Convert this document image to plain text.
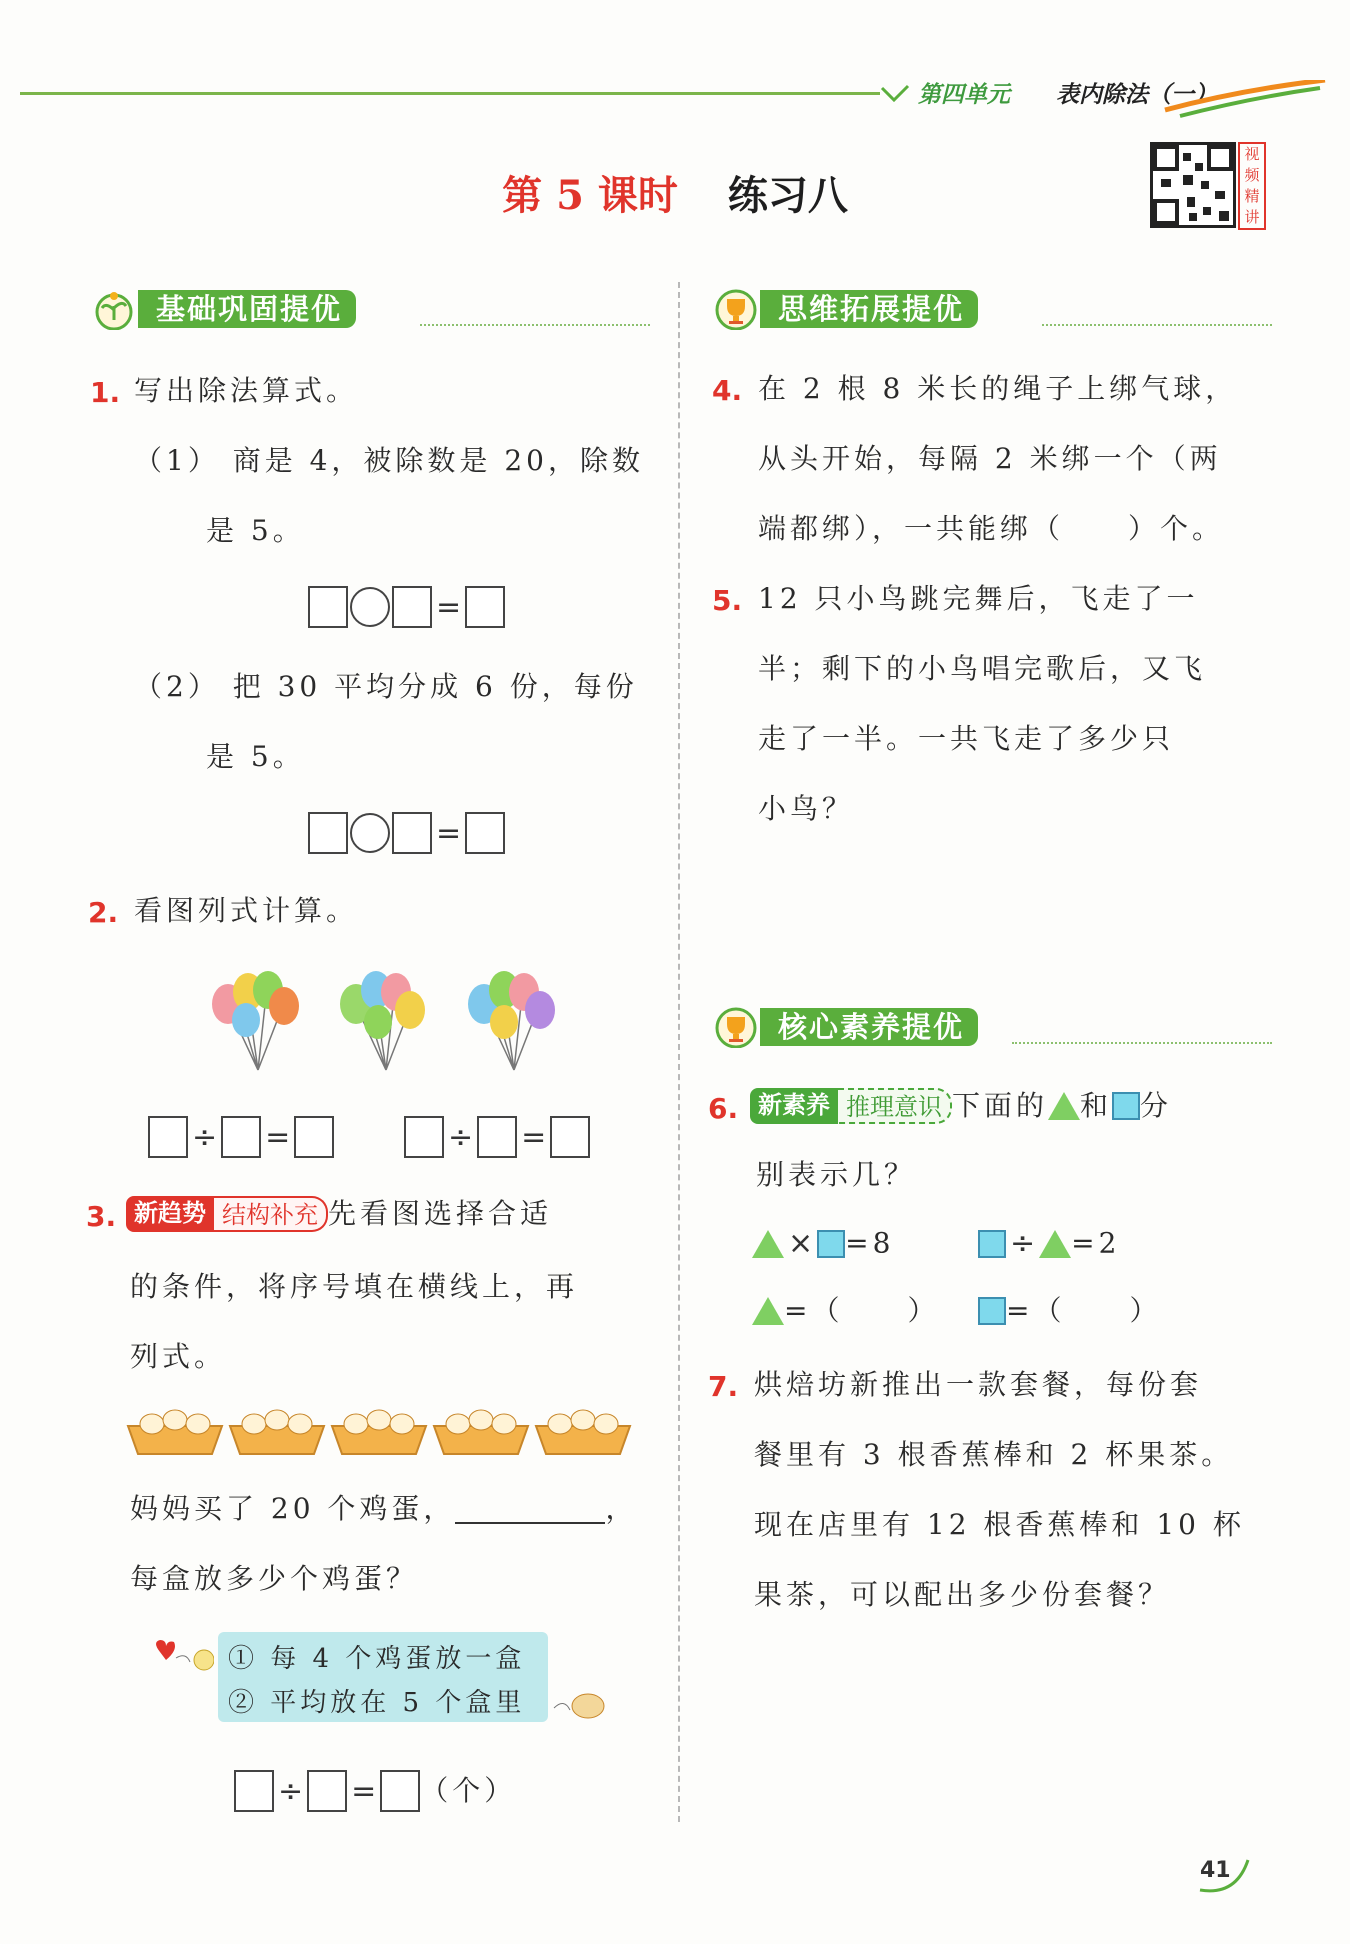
第四单元 表内除法（一）
第 5 课时 练习八
视频精讲
基础巩固提优	思维拓展提优
核心素养提优
1. 写出除法算式。
（1） 商是 4，被除数是 20，除数
是 5。
=
（2） 把 30 平均分成 6 份，每份
是 5。
=
2. 看图列式计算。
÷ =	÷ =
3. 新趋势 结构补充 先看图选择合适
的条件，将序号填在横线上，再
列式。
妈妈买了 20 个鸡蛋，	，
每盒放多少个鸡蛋？
① 每 4 个鸡蛋放一盒
② 平均放在 5 个盒里
÷ = （个）
4. 在 2 根 8 米长的绳子上绑气球，
从头开始，每隔 2 米绑一个（两
端都绑），一共能绑（　　）个。
5. 12 只小鸟跳完舞后，飞走了一
半；剩下的小鸟唱完歌后，又飞
走了一半。一共飞走了多少只
小鸟？
6. 新素养 推理意识 下面的 和 分
别表示几？
× =8	÷ =2
=（　　）	=（　　）
7. 烘焙坊新推出一款套餐，每份套
餐里有 3 根香蕉棒和 2 杯果茶。
现在店里有 12 根香蕉棒和 10 杯
果茶，可以配出多少份套餐？
41
